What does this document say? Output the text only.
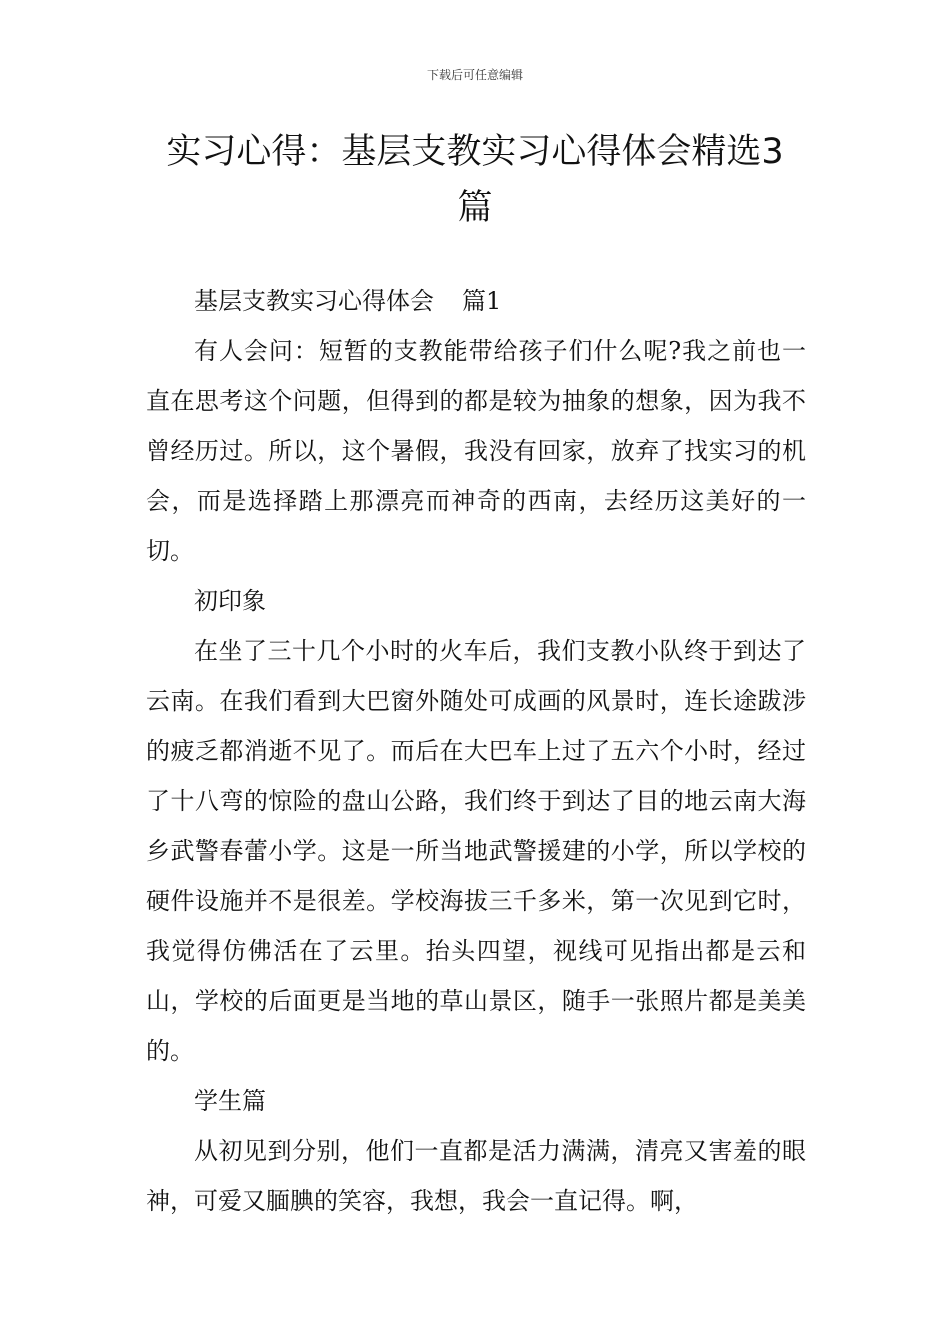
下载后可任意编辑
实习心得：基层支教实习心得体会精选3篇

基层支教实习心得体会 篇1

有人会问：短暂的支教能带给孩子们什么呢?我之前也一直在思考这个问题，但得到的都是较为抽象的想象，因为我不曾经历过。所以，这个暑假，我没有回家，放弃了找实习的机会，而是选择踏上那漂亮而神奇的西南，去经历这美好的一切。

初印象

在坐了三十几个小时的火车后，我们支教小队终于到达了云南。在我们看到大巴窗外随处可成画的风景时，连长途跋涉的疲乏都消逝不见了。而后在大巴车上过了五六个小时，经过了十八弯的惊险的盘山公路，我们终于到达了目的地云南大海乡武警春蕾小学。这是一所当地武警援建的小学，所以学校的硬件设施并不是很差。学校海拔三千多米，第一次见到它时，我觉得仿佛活在了云里。抬头四望，视线可见指出都是云和山，学校的后面更是当地的草山景区，随手一张照片都是美美的。

学生篇

从初见到分别，他们一直都是活力满满，清亮又害羞的眼神，可爱又腼腆的笑容，我想，我会一直记得。啊，
